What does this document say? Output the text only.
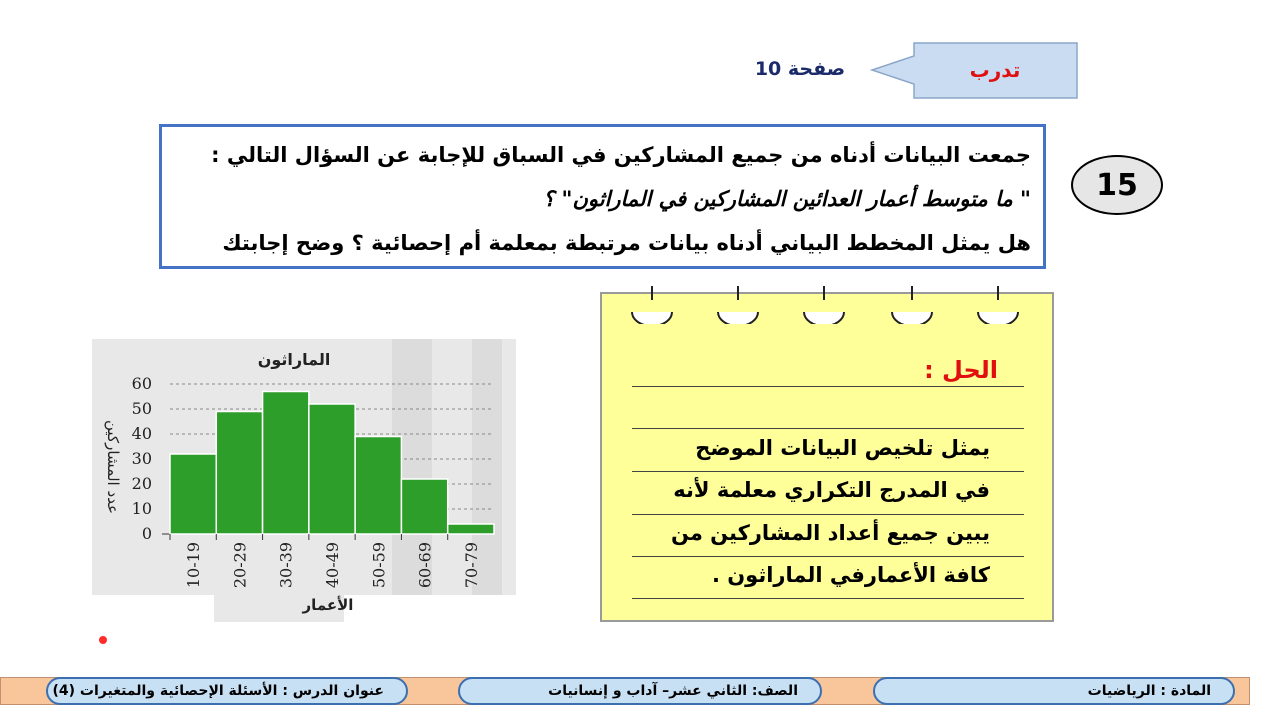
تدرب
صفحة 10
جمعت البيانات أدناه من جميع المشاركين في السباق للإجابة عن السؤال التالي :
" ما متوسط أعمار العدائين المشاركين في الماراثون" ؟
هل يمثل المخطط البياني أدناه بيانات مرتبطة بمعلمة أم إحصائية ؟ وضح إجابتك
15
يمثل تلخيص البيانات الموضح
في المدرج التكراري معلمة لأنه
يبين جميع أعداد المشاركين من
كافة الأعمارفي الماراثون .
الحل :
0
10
20
30
40
50
60
10-19 20-29 30-39 40-49 50-59 60-69 70-79
الماراثون
عدد المشاركين
الأعمار
المادة : الرياضيات
الصف: الثاني عشر– آداب و إنسانيات
عنوان الدرس : الأسئلة الإحصائية والمتغيرات (4)
